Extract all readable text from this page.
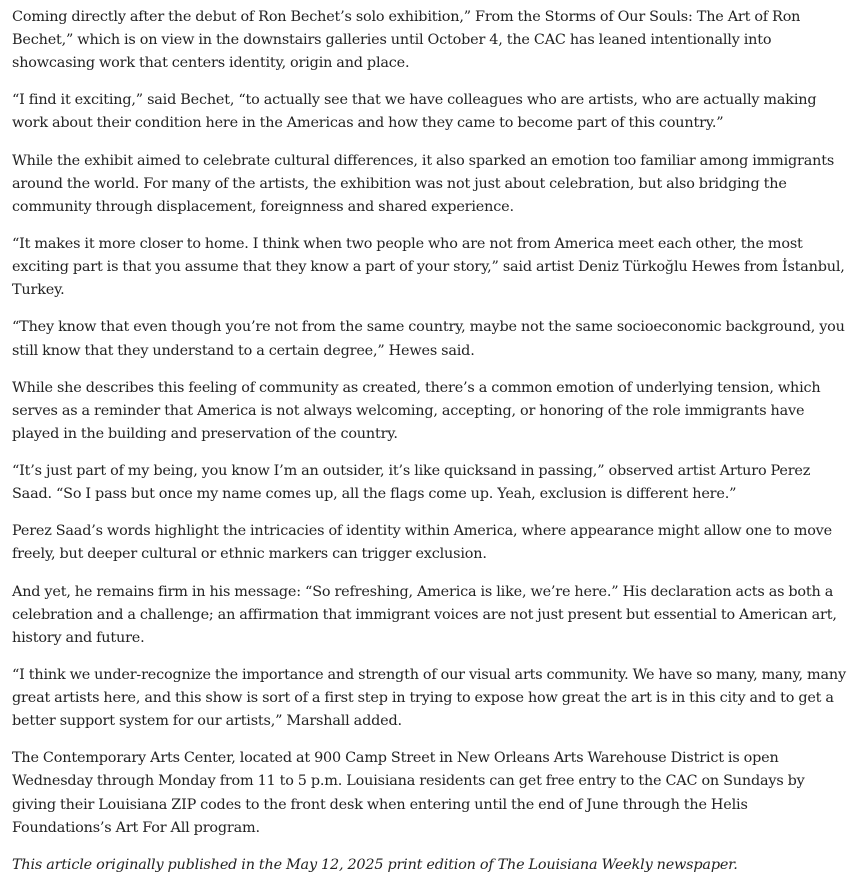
Coming directly after the debut of Ron Bechet’s solo exhibition,” From the Storms of Our Souls: The Art of Ron Bechet,” which is on view in the downstairs galleries until October 4, the CAC has leaned intentionally into showcasing work that centers identity, origin and place.

“I find it exciting,” said Bechet, “to actually see that we have colleagues who are artists, who are actually making work about their condition here in the Americas and how they came to become part of this country.”

While the exhibit aimed to celebrate cultural differences, it also sparked an emotion too familiar among immigrants around the world. For many of the artists, the exhibition was not just about celebration, but also bridging the community through displacement, foreignness and shared experience.

“It makes it more closer to home. I think when two people who are not from America meet each other, the most exciting part is that you assume that they know a part of your story,” said artist Deniz Türkoğlu Hewes from İstanbul, Turkey.

“They know that even though you’re not from the same country, maybe not the same socioeconomic background, you still know that they understand to a certain degree,” Hewes said.

While she describes this feeling of community as created, there’s a common emotion of underlying tension, which serves as a reminder that America is not always welcoming, accepting, or honoring of the role immigrants have played in the building and preservation of the country.

“It’s just part of my being, you know I’m an outsider, it’s like quicksand in passing,” observed artist Arturo Perez Saad. “So I pass but once my name comes up, all the flags come up. Yeah, exclusion is different here.”

Perez Saad’s words highlight the intricacies of identity within America, where appearance might allow one to move freely, but deeper cultural or ethnic markers can trigger exclusion.

And yet, he remains firm in his message: “So refreshing, America is like, we’re here.” His declaration acts as both a celebration and a challenge; an affirmation that immigrant voices are not just present but essential to American art, history and future.

“I think we under-recognize the importance and strength of our visual arts community. We have so many, many, many great artists here, and this show is sort of a first step in trying to expose how great the art is in this city and to get a better support system for our artists,” Marshall added.

The Contemporary Arts Center, located at 900 Camp Street in New Orleans Arts Warehouse District is open Wednesday through Monday from 11 to 5 p.m. Louisiana residents can get free entry to the CAC on Sundays by giving their Louisiana ZIP codes to the front desk when entering until the end of June through the Helis Foundations’s Art For All program.

This article originally published in the May 12, 2025 print edition of The Louisiana Weekly newspaper.
